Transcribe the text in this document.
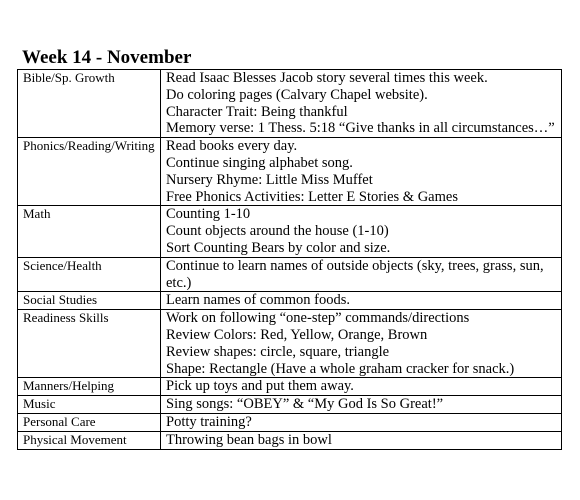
Week 14 - November
Bible/Sp. Growth	Read Isaac Blesses Jacob story several times this week.
Do coloring pages (Calvary Chapel website).
Character Trait: Being thankful
Memory verse: 1 Thess. 5:18 “Give thanks in all circumstances…”

Phonics/Reading/Writing	Read books every day.
Continue singing alphabet song.
Nursery Rhyme: Little Miss Muffet
Free Phonics Activities: Letter E Stories & Games

Math	Counting 1-10
Count objects around the house (1-10)
Sort Counting Bears by color and size.

Science/Health	Continue to learn names of outside objects (sky, trees, grass, sun, etc.)

Social Studies	Learn names of common foods.

Readiness Skills	Work on following “one-step” commands/directions
Review Colors: Red, Yellow, Orange, Brown
Review shapes: circle, square, triangle
Shape: Rectangle (Have a whole graham cracker for snack.)

Manners/Helping	Pick up toys and put them away.

Music	Sing songs: “OBEY” & “My God Is So Great!”

Personal Care	Potty training?

Physical Movement	Throwing bean bags in bowl
